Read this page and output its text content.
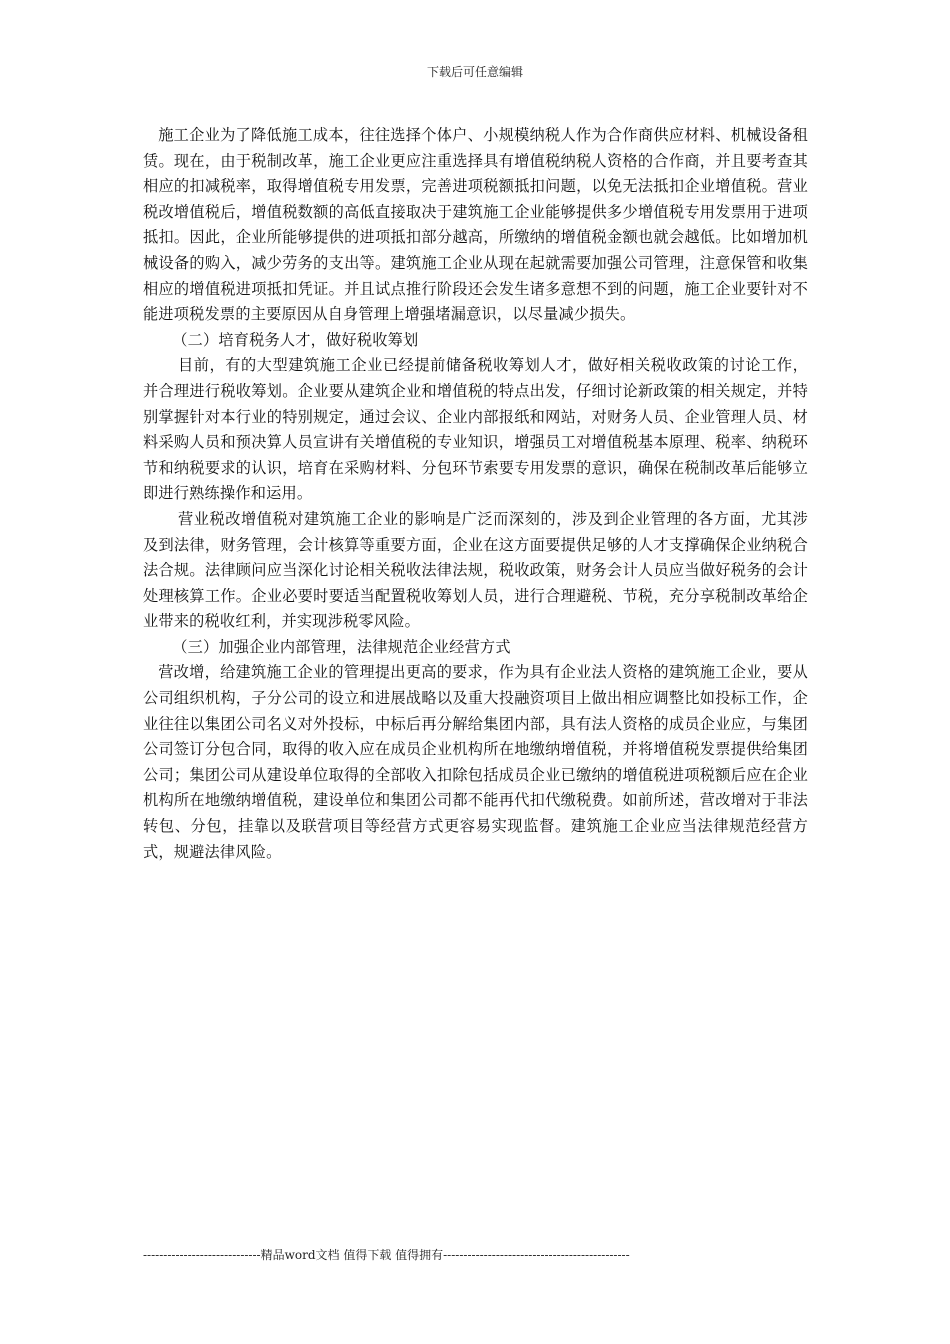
下载后可任意编辑

施工企业为了降低施工成本，往往选择个体户、小规模纳税人作为合作商供应材料、机械设备租赁。现在，由于税制改革，施工企业更应注重选择具有增值税纳税人资格的合作商，并且要考查其相应的扣减税率，取得增值税专用发票，完善进项税额抵扣问题，以免无法抵扣企业增值税。营业税改增值税后，增值税数额的高低直接取决于建筑施工企业能够提供多少增值税专用发票用于进项抵扣。因此，企业所能够提供的进项抵扣部分越高，所缴纳的增值税金额也就会越低。比如增加机械设备的购入，减少劳务的支出等。建筑施工企业从现在起就需要加强公司管理，注意保管和收集相应的增值税进项抵扣凭证。并且试点推行阶段还会发生诸多意想不到的问题，施工企业要针对不能进项税发票的主要原因从自身管理上增强堵漏意识，以尽量减少损失。

（二）培育税务人才，做好税收筹划

目前，有的大型建筑施工企业已经提前储备税收筹划人才，做好相关税收政策的讨论工作，并合理进行税收筹划。企业要从建筑企业和增值税的特点出发，仔细讨论新政策的相关规定，并特别掌握针对本行业的特别规定，通过会议、企业内部报纸和网站，对财务人员、企业管理人员、材料采购人员和预决算人员宣讲有关增值税的专业知识，增强员工对增值税基本原理、税率、纳税环节和纳税要求的认识，培育在采购材料、分包环节索要专用发票的意识，确保在税制改革后能够立即进行熟练操作和运用。

营业税改增值税对建筑施工企业的影响是广泛而深刻的，涉及到企业管理的各方面，尤其涉及到法律，财务管理，会计核算等重要方面，企业在这方面要提供足够的人才支撑确保企业纳税合法合规。法律顾问应当深化讨论相关税收法律法规，税收政策，财务会计人员应当做好税务的会计处理核算工作。企业必要时要适当配置税收筹划人员，进行合理避税、节税，充分享税制改革给企业带来的税收红利，并实现涉税零风险。

（三）加强企业内部管理，法律规范企业经营方式

营改增，给建筑施工企业的管理提出更高的要求，作为具有企业法人资格的建筑施工企业，要从公司组织机构，子分公司的设立和进展战略以及重大投融资项目上做出相应调整比如投标工作，企业往往以集团公司名义对外投标，中标后再分解给集团内部，具有法人资格的成员企业应，与集团公司签订分包合同，取得的收入应在成员企业机构所在地缴纳增值税，并将增值税发票提供给集团公司；集团公司从建设单位取得的全部收入扣除包括成员企业已缴纳的增值税进项税额后应在企业机构所在地缴纳增值税，建设单位和集团公司都不能再代扣代缴税费。如前所述，营改增对于非法转包、分包，挂靠以及联营项目等经营方式更容易实现监督。建筑施工企业应当法律规范经营方式，规避法律风险。

-----------------------------精品word文档 值得下载 值得拥有----------------------------------------------
